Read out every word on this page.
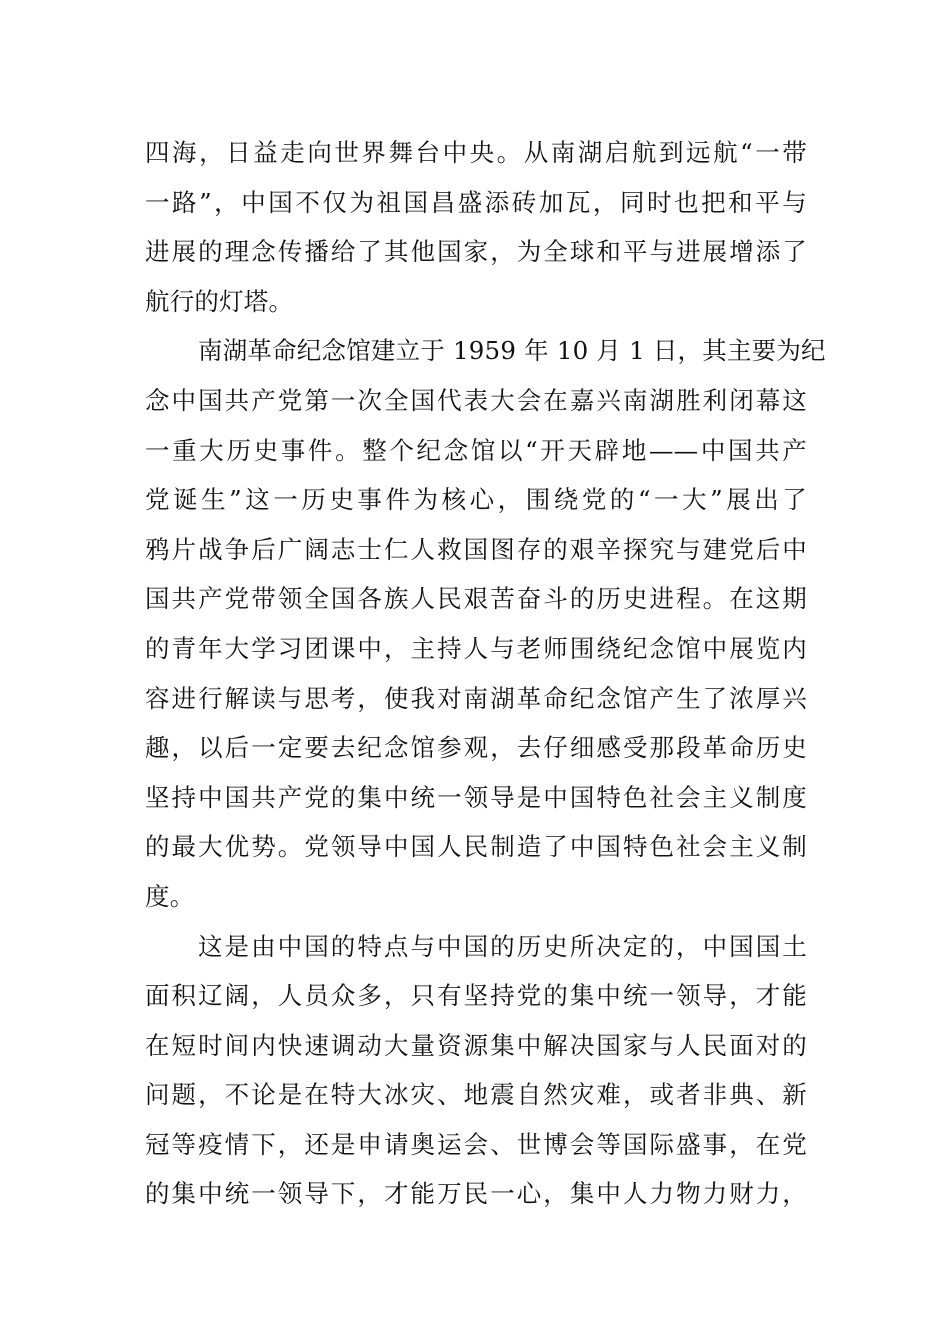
四海，日益走向世界舞台中央。从南湖启航到远航“一带
一路”，中国不仅为祖国昌盛添砖加瓦，同时也把和平与
进展的理念传播给了其他国家，为全球和平与进展增添了
航行的灯塔。
南湖革命纪念馆建立于 1959 年 10 月 1 日，其主要为纪
念中国共产党第一次全国代表大会在嘉兴南湖胜利闭幕这
一重大历史事件。整个纪念馆以“开天辟地——中国共产
党诞生”这一历史事件为核心，围绕党的“一大”展出了
鸦片战争后广阔志士仁人救国图存的艰辛探究与建党后中
国共产党带领全国各族人民艰苦奋斗的历史进程。在这期
的青年大学习团课中，主持人与老师围绕纪念馆中展览内
容进行解读与思考，使我对南湖革命纪念馆产生了浓厚兴
趣，以后一定要去纪念馆参观，去仔细感受那段革命历史
坚持中国共产党的集中统一领导是中国特色社会主义制度
的最大优势。党领导中国人民制造了中国特色社会主义制
度。
这是由中国的特点与中国的历史所决定的，中国国土
面积辽阔，人员众多，只有坚持党的集中统一领导，才能
在短时间内快速调动大量资源集中解决国家与人民面对的
问题，不论是在特大冰灾、地震自然灾难，或者非典、新
冠等疫情下，还是申请奥运会、世博会等国际盛事，在党
的集中统一领导下，才能万民一心，集中人力物力财力，
